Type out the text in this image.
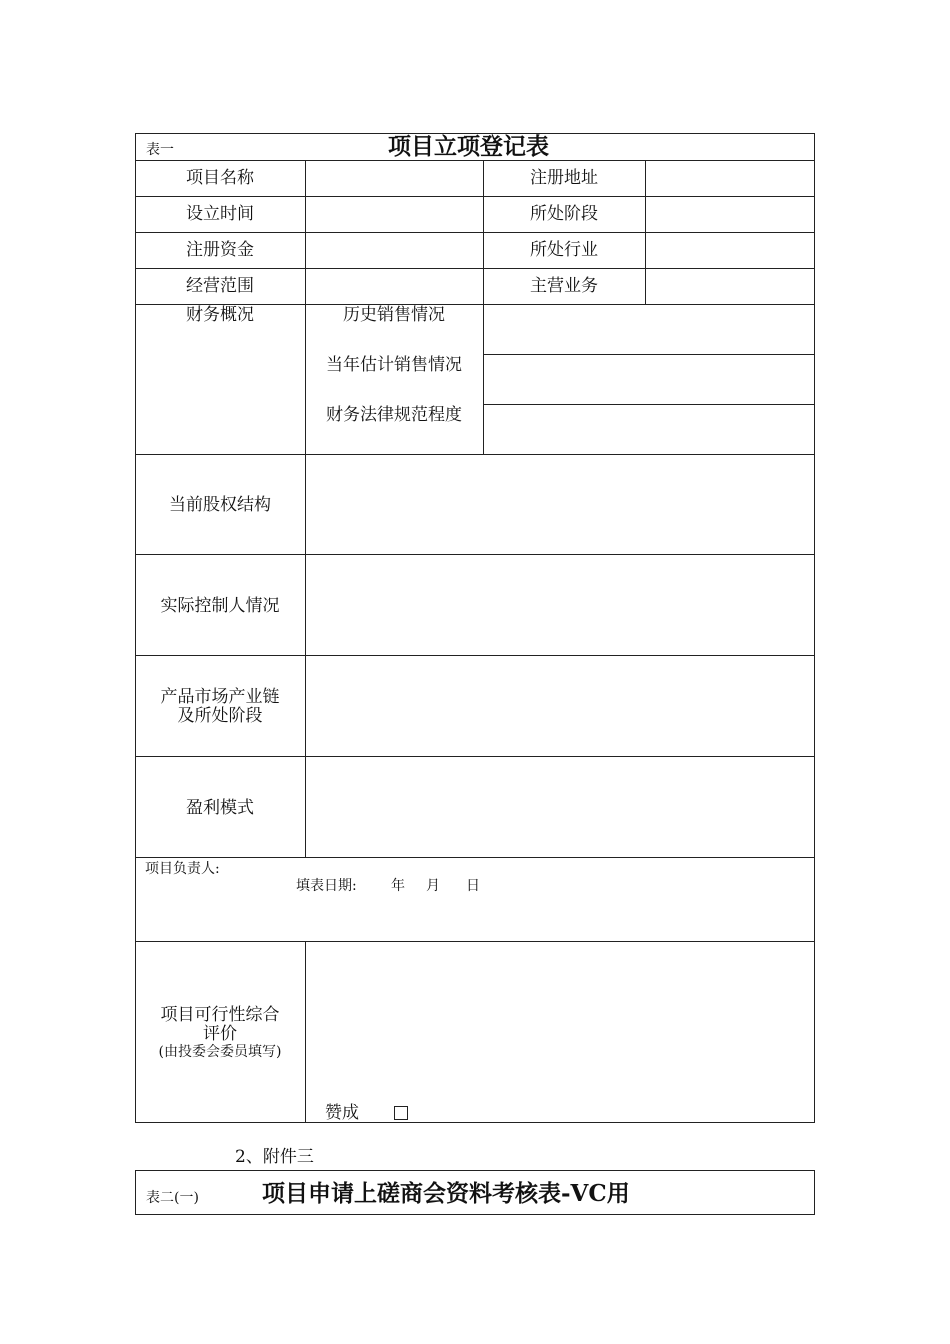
表一	项目立项登记表
项目名称	注册地址
设立时间	所处阶段
注册资金	所处行业
经营范围	主营业务
财务概况	历史销售情况
当年估计销售情况
财务法律规范程度
当前股权结构
实际控制人情况
产品市场产业链
及所处阶段
盈利模式
项目负责人:
填表日期: 年 月 日
项目可行性综合
评价
(由投委会委员填写)
赞成
2、附件三
表二(一)	项目申请上磋商会资料考核表-VC用
